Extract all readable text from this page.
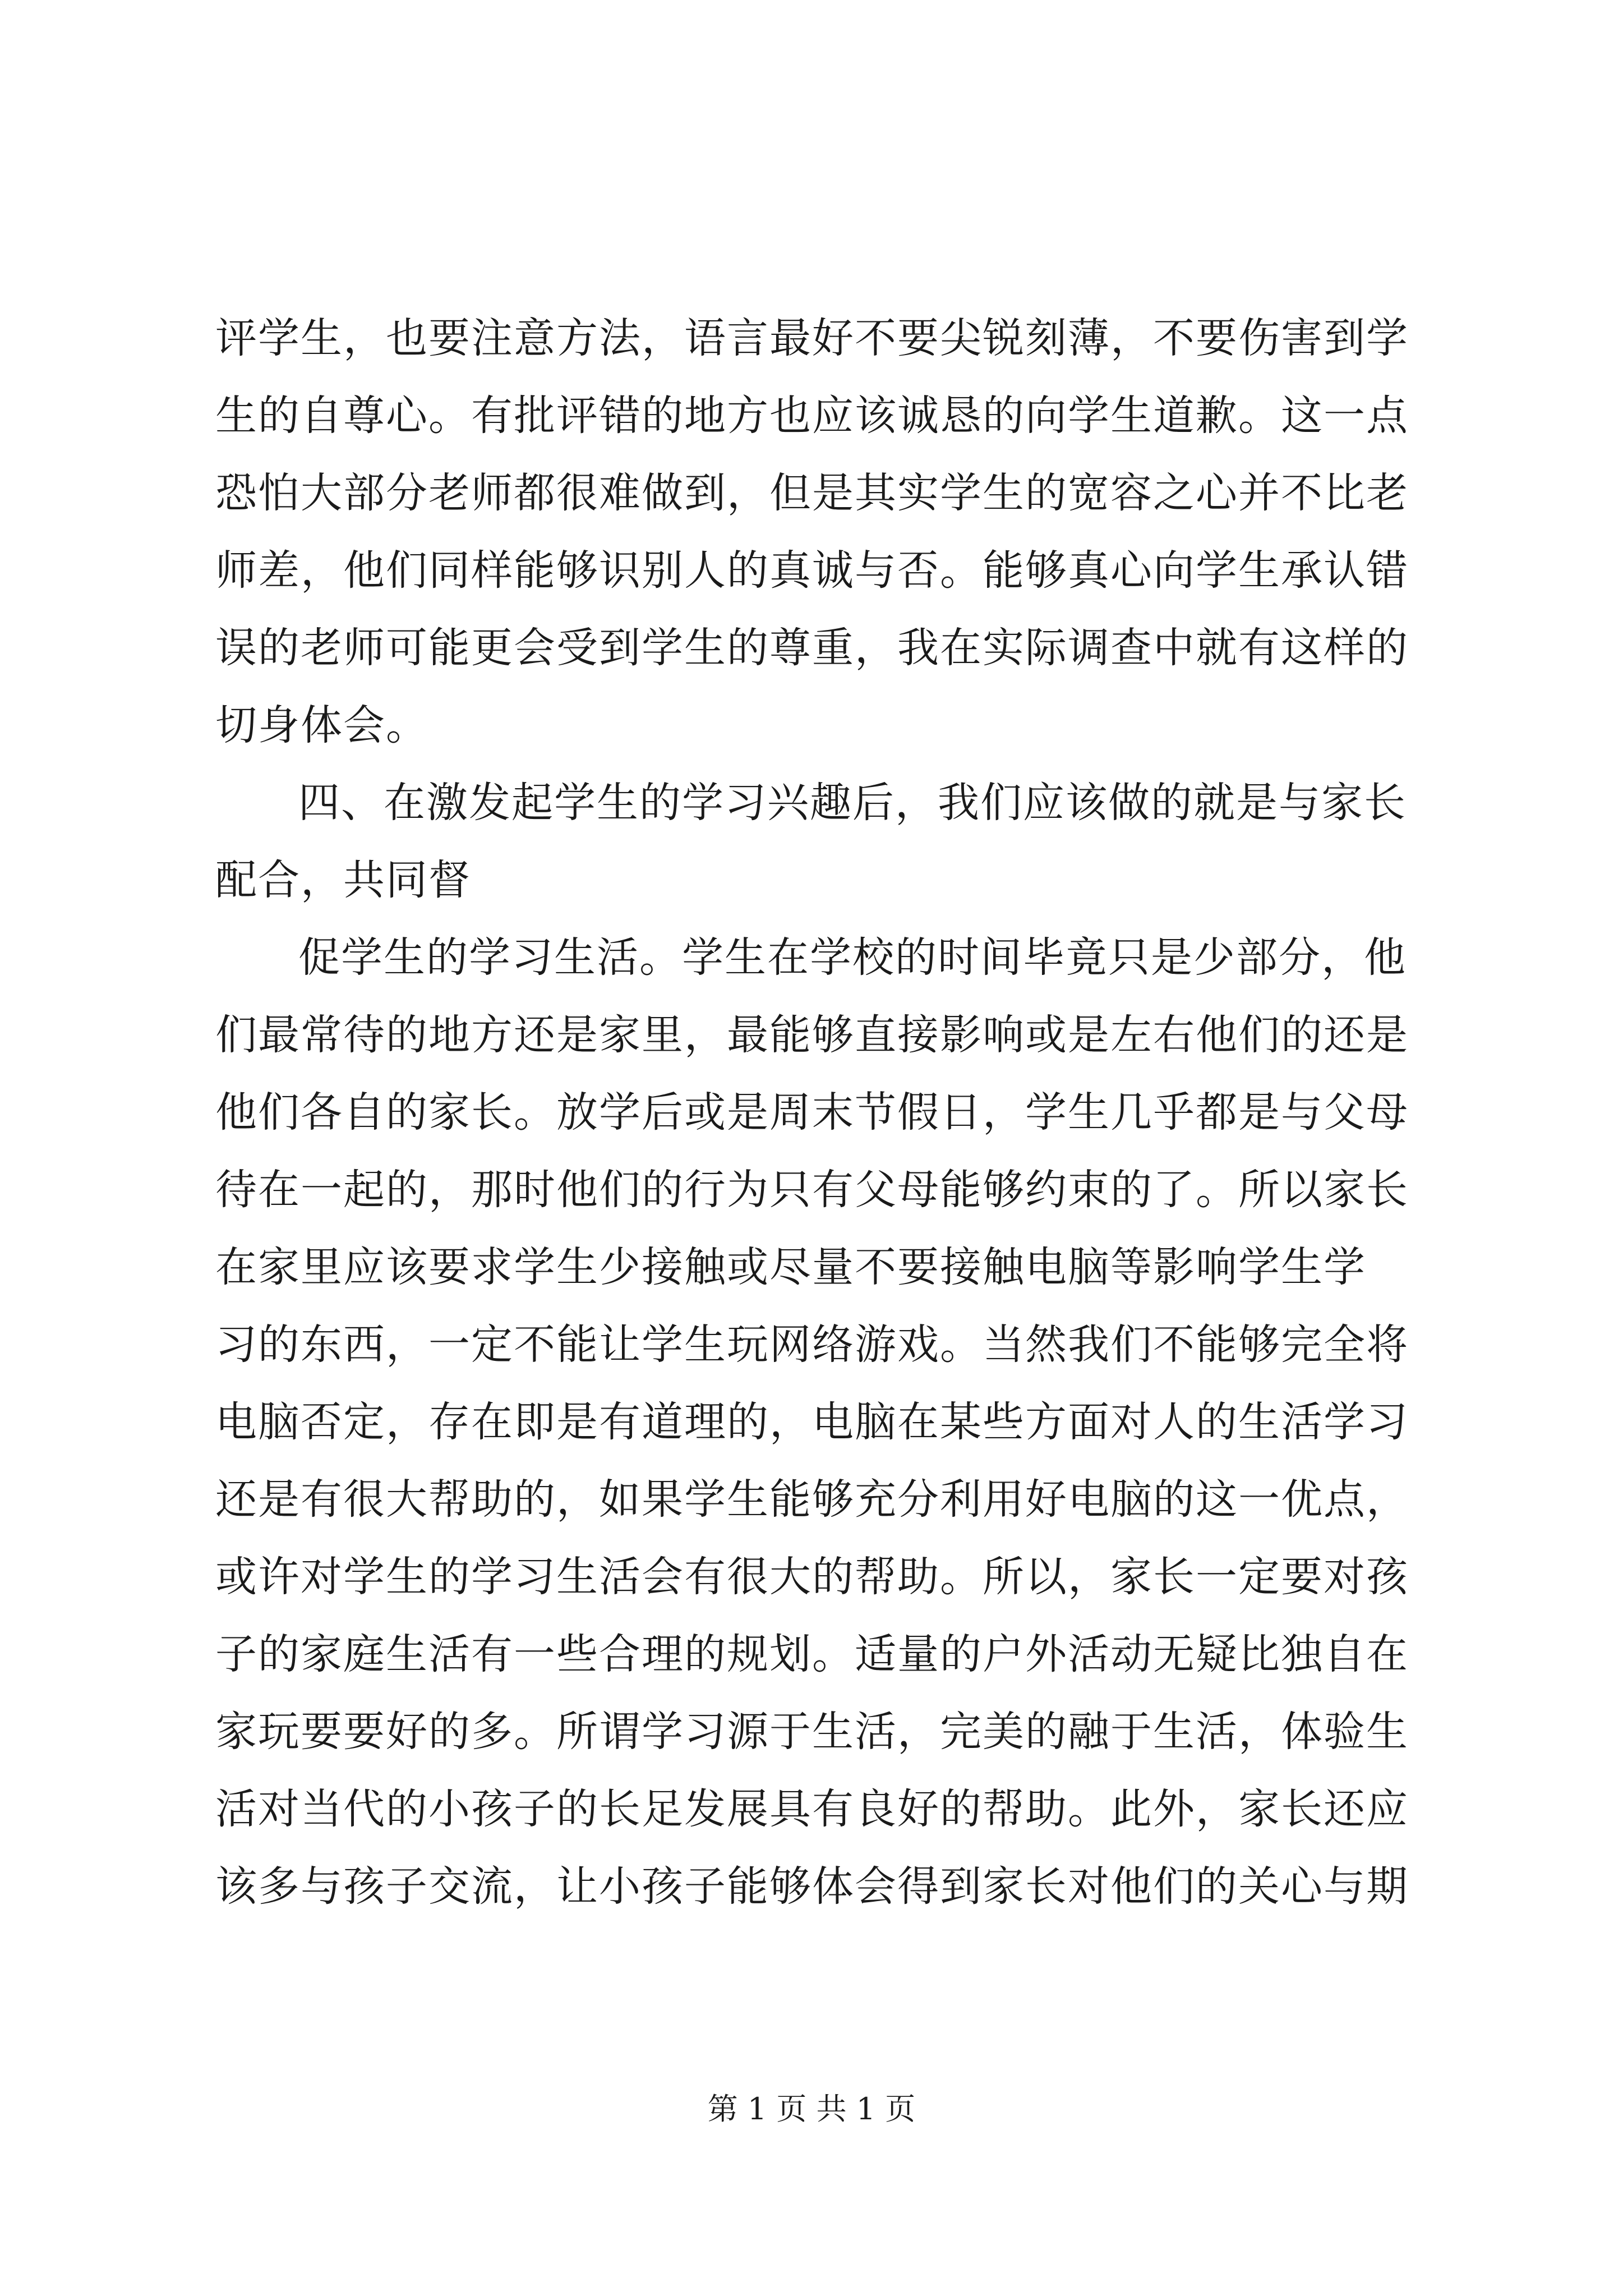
评学生，也要注意方法，语言最好不要尖锐刻薄，不要伤害到学
生的自尊心。有批评错的地方也应该诚恳的向学生道歉。这一点
恐怕大部分老师都很难做到，但是其实学生的宽容之心并不比老
师差，他们同样能够识别人的真诚与否。能够真心向学生承认错
误的老师可能更会受到学生的尊重，我在实际调查中就有这样的
切身体会。
四、在激发起学生的学习兴趣后，我们应该做的就是与家长
配合，共同督
促学生的学习生活。学生在学校的时间毕竟只是少部分，他
们最常待的地方还是家里，最能够直接影响或是左右他们的还是
他们各自的家长。放学后或是周末节假日，学生几乎都是与父母
待在一起的，那时他们的行为只有父母能够约束的了。所以家长
在家里应该要求学生少接触或尽量不要接触电脑等影响学生学
习的东西，一定不能让学生玩网络游戏。当然我们不能够完全将
电脑否定，存在即是有道理的，电脑在某些方面对人的生活学习
还是有很大帮助的，如果学生能够充分利用好电脑的这一优点，
或许对学生的学习生活会有很大的帮助。所以，家长一定要对孩
子的家庭生活有一些合理的规划。适量的户外活动无疑比独自在
家玩要要好的多。所谓学习源于生活，完美的融于生活，体验生
活对当代的小孩子的长足发展具有良好的帮助。此外，家长还应
该多与孩子交流，让小孩子能够体会得到家长对他们的关心与期
第 1 页 共 1 页
